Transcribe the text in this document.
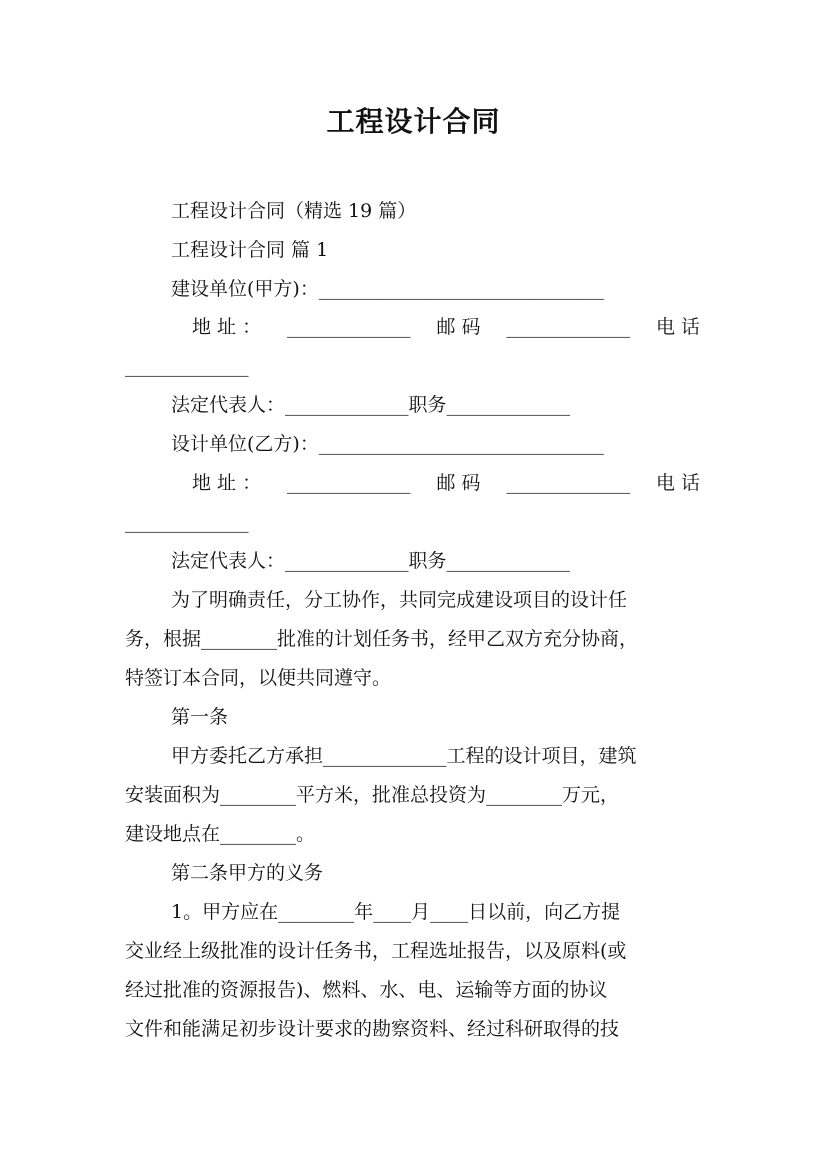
工程设计合同
工程设计合同（精选 19 篇）
工程设计合同 篇 1
建设单位(甲方)：______________________________
地 址 ： _____________ 邮 码 _____________ 电 话
_____________
法定代表人：_____________职务_____________
设计单位(乙方)：______________________________
地 址 ： _____________ 邮 码 _____________ 电 话
_____________
法定代表人：_____________职务_____________
为了明确责任，分工协作，共同完成建设项目的设计任
务，根据________批准的计划任务书，经甲乙双方充分协商，
特签订本合同，以便共同遵守。
第一条
甲方委托乙方承担_____________工程的设计项目，建筑
安装面积为________平方米，批准总投资为________万元，
建设地点在________。
第二条甲方的义务
1。甲方应在________年____月____日以前，向乙方提
交业经上级批准的设计任务书，工程选址报告，以及原料(或
经过批准的资源报告)、燃料、水、电、运输等方面的协议
文件和能满足初步设计要求的勘察资料、经过科研取得的技
